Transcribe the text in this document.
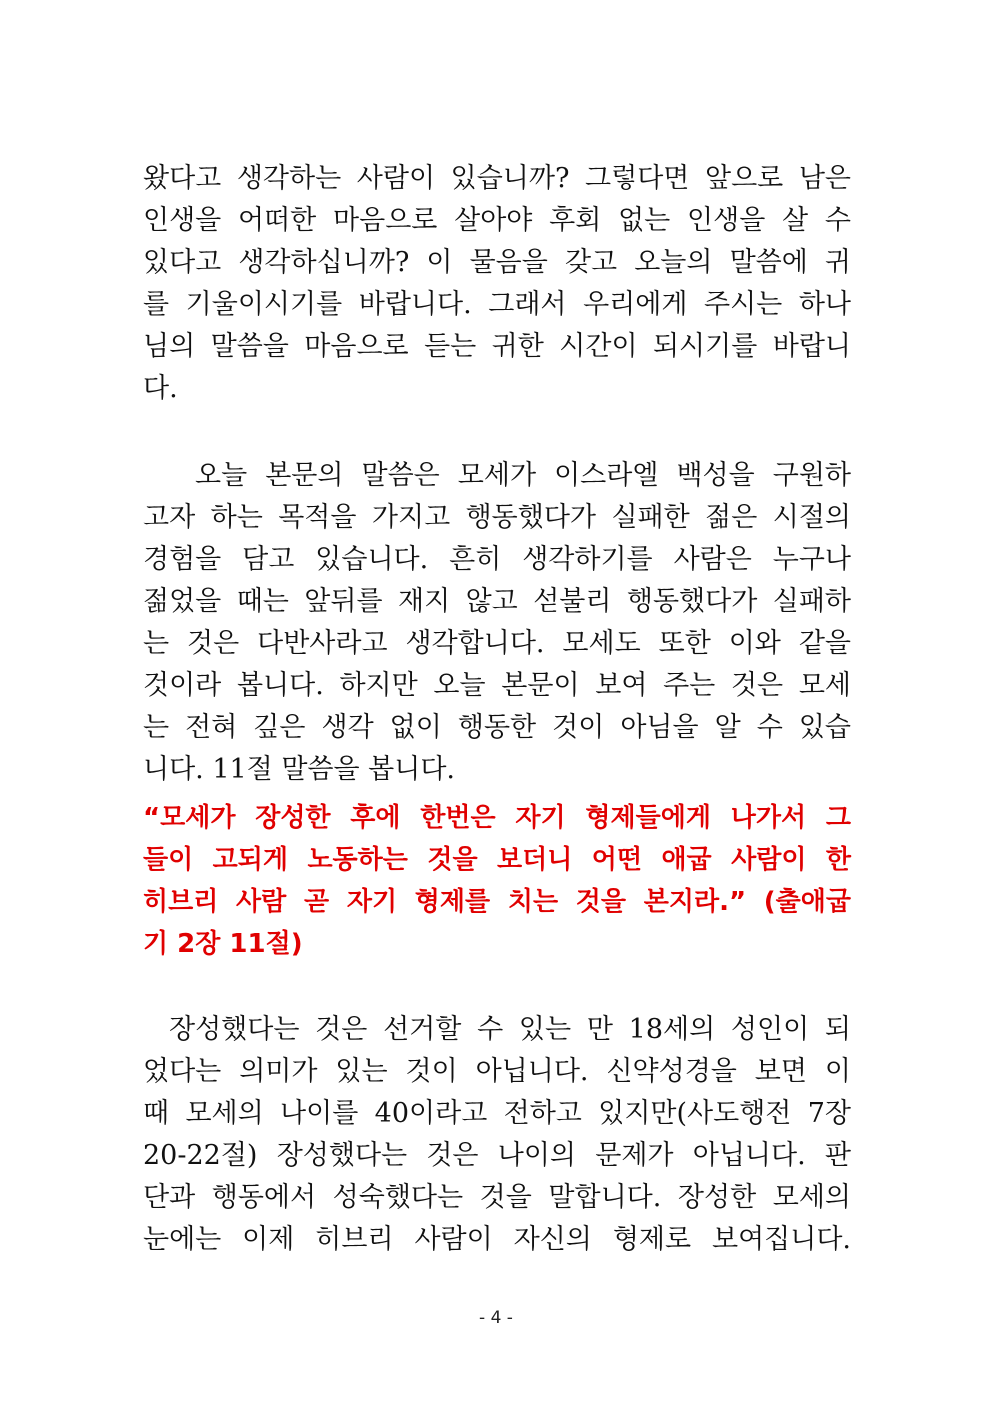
왔다고 생각하는 사람이 있습니까? 그렇다면 앞으로 남은
인생을 어떠한 마음으로 살아야 후회 없는 인생을 살 수
있다고 생각하십니까? 이 물음을 갖고 오늘의 말씀에 귀
를 기울이시기를 바랍니다. 그래서 우리에게 주시는 하나
님의 말씀을 마음으로 듣는 귀한 시간이 되시기를 바랍니
다.
오늘 본문의 말씀은 모세가 이스라엘 백성을 구원하
고자 하는 목적을 가지고 행동했다가 실패한 젊은 시절의
경험을 담고 있습니다. 흔히 생각하기를 사람은 누구나
젊었을 때는 앞뒤를 재지 않고 섣불리 행동했다가 실패하
는 것은 다반사라고 생각합니다. 모세도 또한 이와 같을
것이라 봅니다. 하지만 오늘 본문이 보여 주는 것은 모세
는 전혀 깊은 생각 없이 행동한 것이 아님을 알 수 있습
니다. 11절 말씀을 봅니다.
“모세가 장성한 후에 한번은 자기 형제들에게 나가서 그
들이 고되게 노동하는 것을 보더니 어떤 애굽 사람이 한
히브리 사람 곧 자기 형제를 치는 것을 본지라.” (출애굽
기 2장 11절)
장성했다는 것은 선거할 수 있는 만 18세의 성인이 되
었다는 의미가 있는 것이 아닙니다. 신약성경을 보면 이
때 모세의 나이를 40이라고 전하고 있지만(사도행전 7장
20-22절) 장성했다는 것은 나이의 문제가 아닙니다. 판
단과 행동에서 성숙했다는 것을 말합니다. 장성한 모세의
눈에는 이제 히브리 사람이 자신의 형제로 보여집니다.
- 4 -
